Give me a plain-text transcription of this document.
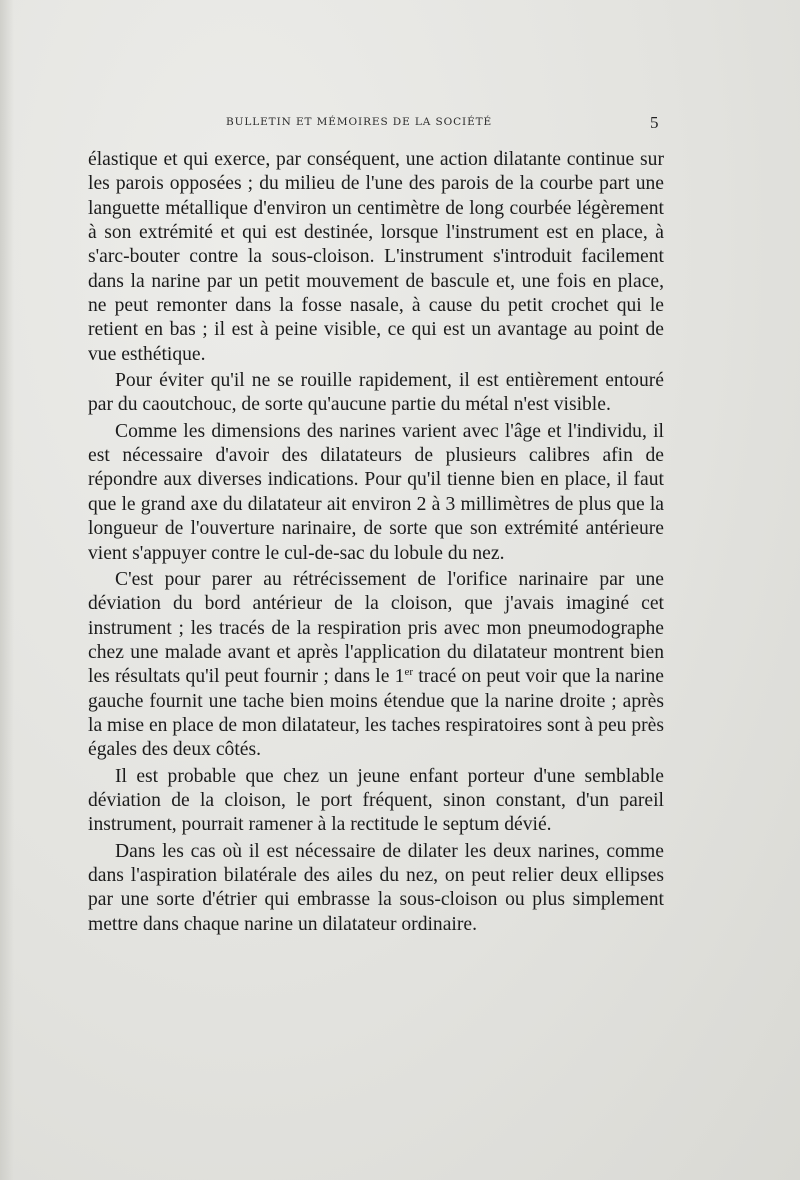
BULLETIN ET MÉMOIRES DE LA SOCIÉTÉ	5

élastique et qui exerce, par conséquent, une action dilatante continue sur les parois opposées ; du milieu de l'une des parois de la courbe part une languette métallique d'environ un centimètre de long courbée légèrement à son extrémité et qui est destinée, lorsque l'instrument est en place, à s'arc-bouter contre la sous-cloison. L'instrument s'introduit facilement dans la narine par un petit mouvement de bascule et, une fois en place, ne peut remonter dans la fosse nasale, à cause du petit crochet qui le retient en bas ; il est à peine visible, ce qui est un avantage au point de vue esthétique.

Pour éviter qu'il ne se rouille rapidement, il est entièrement entouré par du caoutchouc, de sorte qu'aucune partie du métal n'est visible.

Comme les dimensions des narines varient avec l'âge et l'individu, il est nécessaire d'avoir des dilatateurs de plusieurs calibres afin de répondre aux diverses indications. Pour qu'il tienne bien en place, il faut que le grand axe du dilatateur ait environ 2 à 3 millimètres de plus que la longueur de l'ouverture narinaire, de sorte que son extrémité antérieure vient s'appuyer contre le cul-de-sac du lobule du nez.

C'est pour parer au rétrécissement de l'orifice narinaire par une déviation du bord antérieur de la cloison, que j'avais imaginé cet instrument ; les tracés de la respiration pris avec mon pneumodographe chez une malade avant et après l'application du dilatateur montrent bien les résultats qu'il peut fournir ; dans le 1er tracé on peut voir que la narine gauche fournit une tache bien moins étendue que la narine droite ; après la mise en place de mon dilatateur, les taches respiratoires sont à peu près égales des deux côtés.

Il est probable que chez un jeune enfant porteur d'une semblable déviation de la cloison, le port fréquent, sinon constant, d'un pareil instrument, pourrait ramener à la rectitude le septum dévié.

Dans les cas où il est nécessaire de dilater les deux narines, comme dans l'aspiration bilatérale des ailes du nez, on peut relier deux ellipses par une sorte d'étrier qui embrasse la sous-cloison ou plus simplement mettre dans chaque narine un dilatateur ordinaire.
